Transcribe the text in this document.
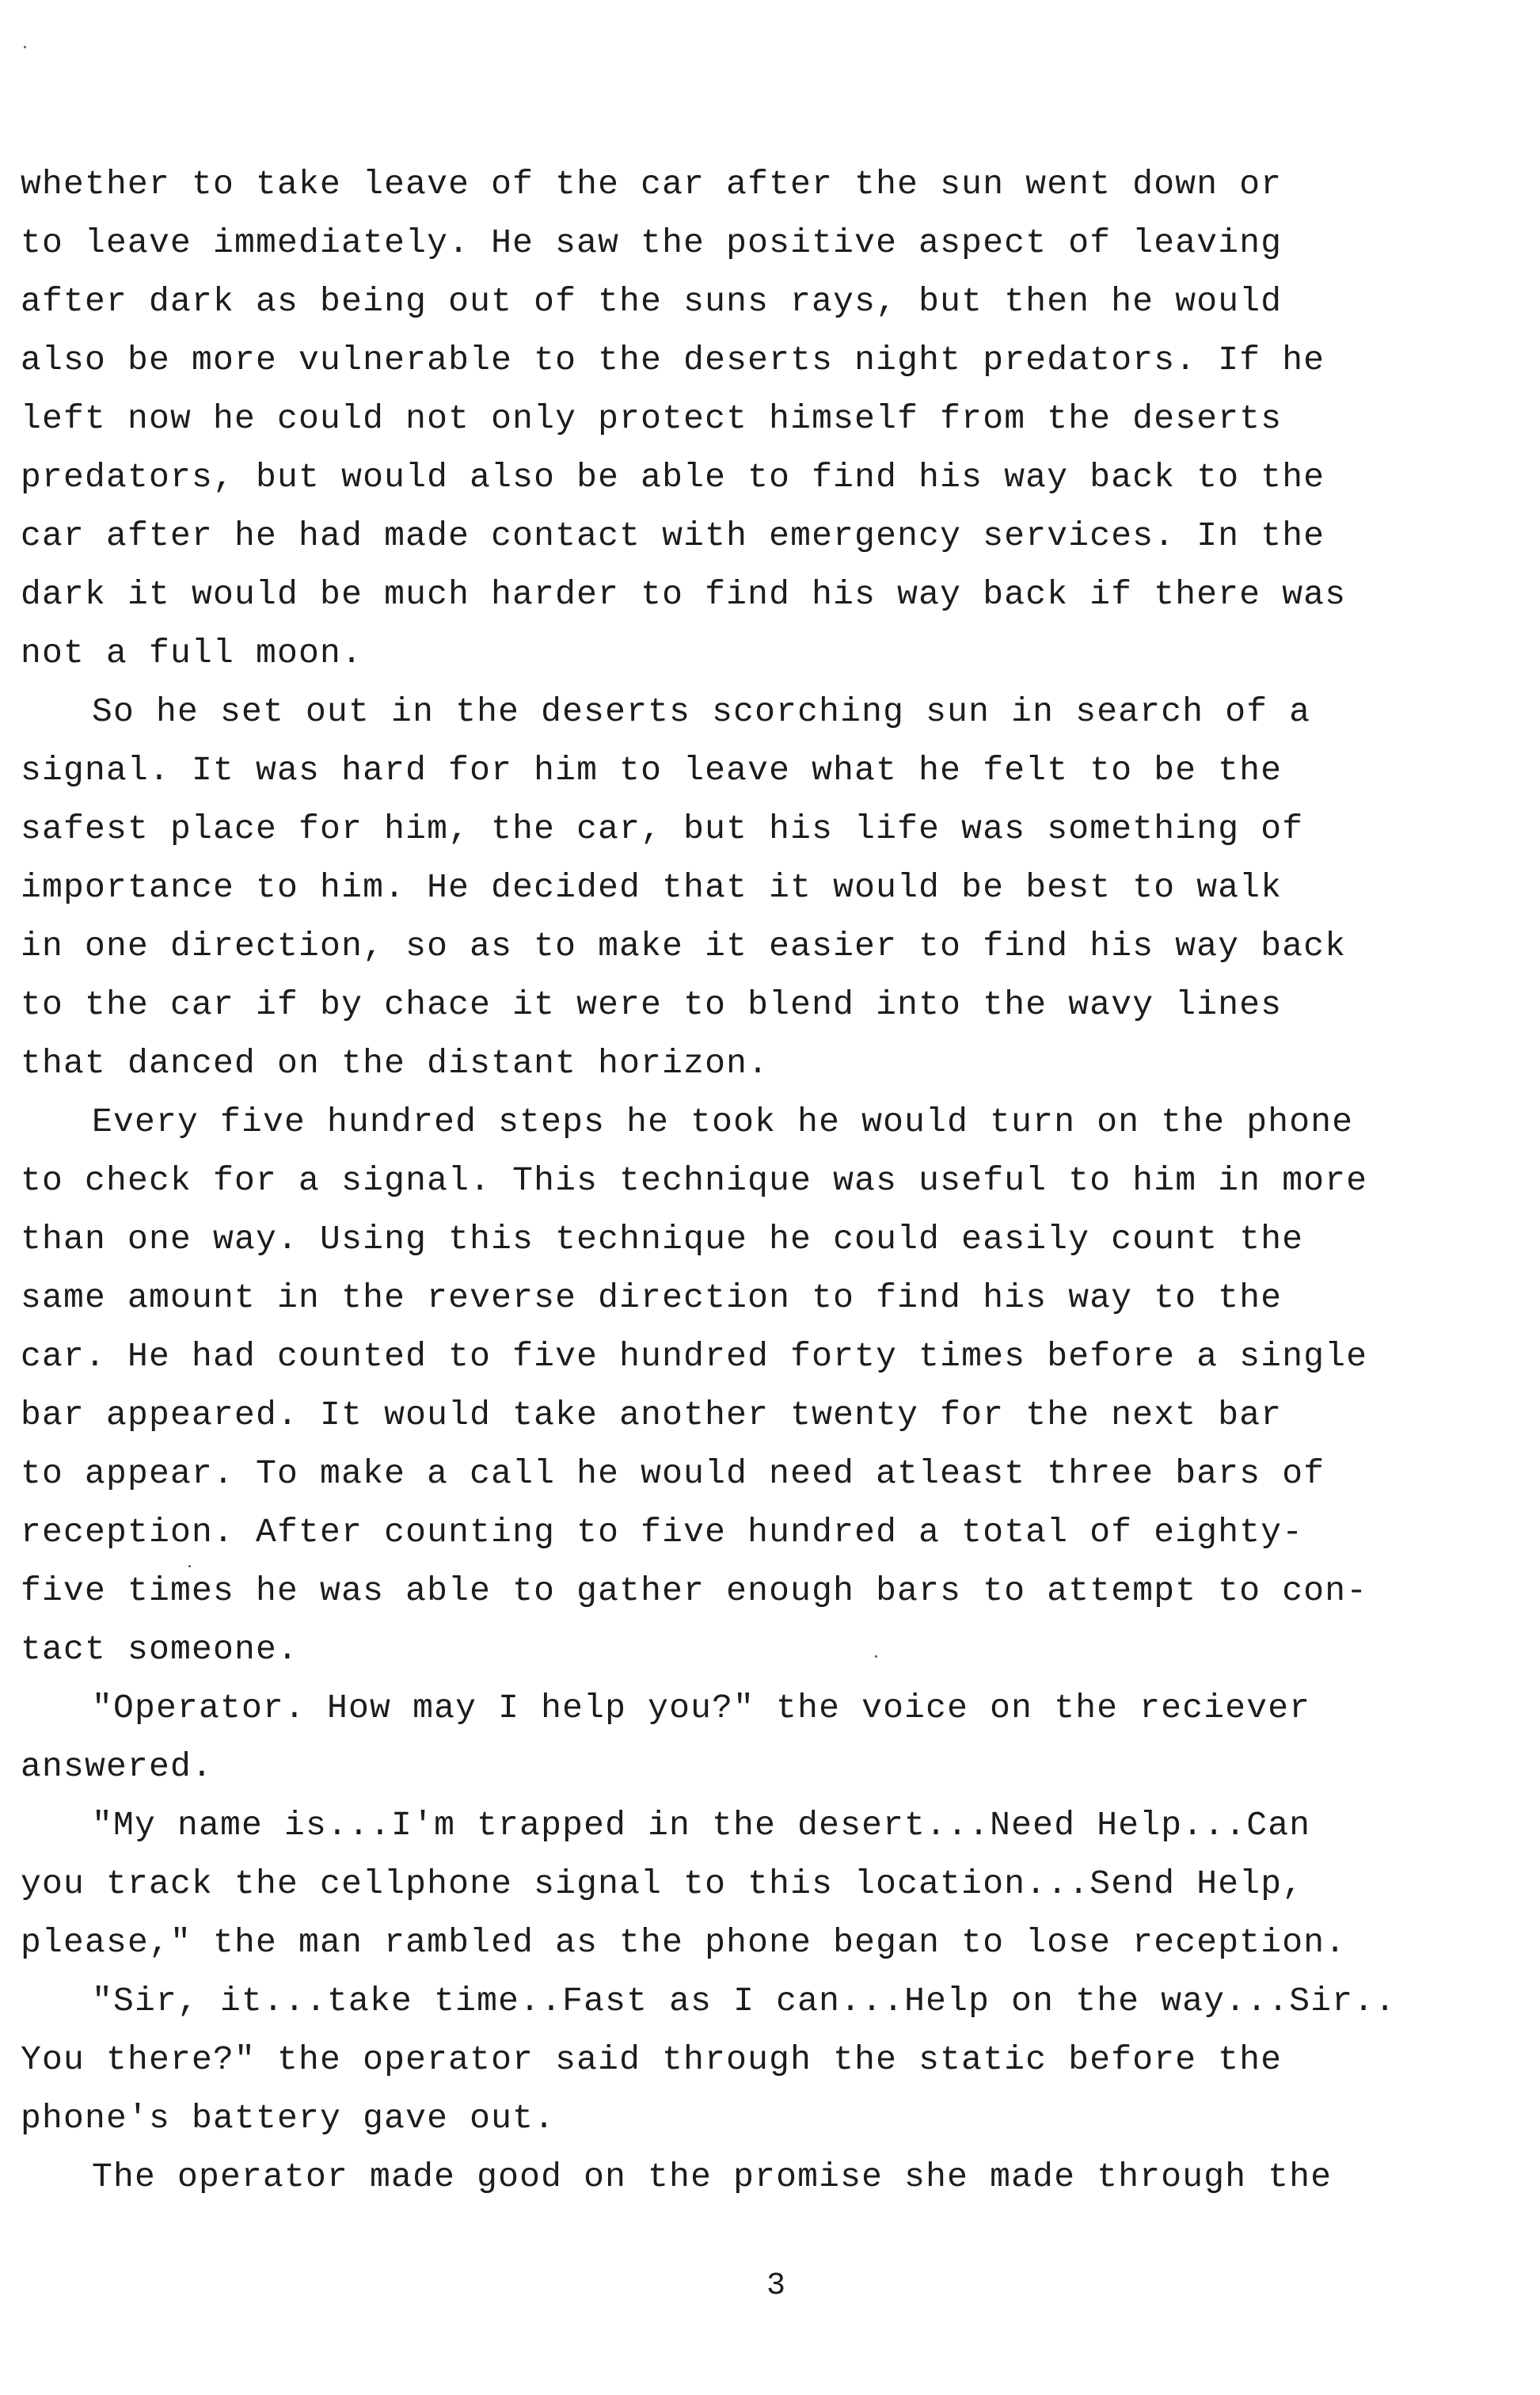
whether to take leave of the car after the sun went down or
to leave immediately. He saw the positive aspect of leaving
after dark as being out of the suns rays, but then he would
also be more vulnerable to the deserts night predators. If he
left now he could not only protect himself from the deserts
predators, but would also be able to find his way back to the
car after he had made contact with emergency services. In the
dark it would be much harder to find his way back if there was
not a full moon.
So he set out in the deserts scorching sun in search of a
signal. It was hard for him to leave what he felt to be the
safest place for him, the car, but his life was something of
importance to him. He decided that it would be best to walk
in one direction, so as to make it easier to find his way back
to the car if by chace it were to blend into the wavy lines
that danced on the distant horizon.
Every five hundred steps he took he would turn on the phone
to check for a signal. This technique was useful to him in more
than one way. Using this technique he could easily count the
same amount in the reverse direction to find his way to the
car. He had counted to five hundred forty times before a single
bar appeared. It would take another twenty for the next bar
to appear. To make a call he would need atleast three bars of
reception. After counting to five hundred a total of eighty-
five times he was able to gather enough bars to attempt to con-
tact someone.
"Operator. How may I help you?" the voice on the reciever
answered.
"My name is...I'm trapped in the desert...Need Help...Can
you track the cellphone signal to this location...Send Help,
please," the man rambled as the phone began to lose reception.
"Sir, it...take time..Fast as I can...Help on the way...Sir..
You there?" the operator said through the static before the
phone's battery gave out.
The operator made good on the promise she made through the
3
